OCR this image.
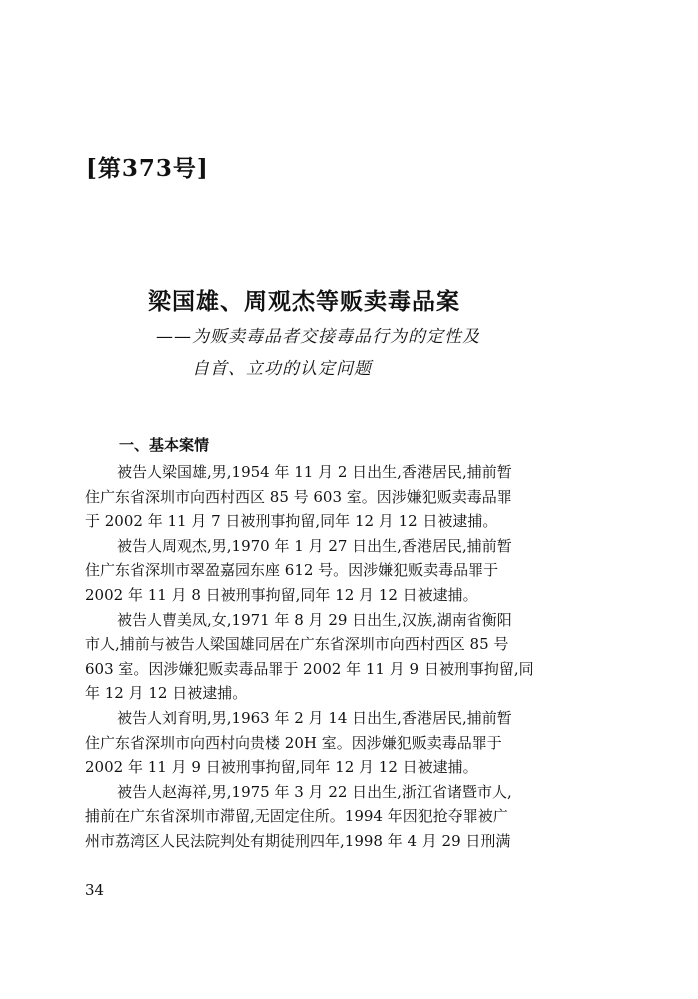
[第373号]
梁国雄、周观杰等贩卖毒品案
——为贩卖毒品者交接毒品行为的定性及
自首、立功的认定问题
一、基本案情
被告人梁国雄,男,1954 年 11 月 2 日出生,香港居民,捕前暂
住广东省深圳市向西村西区 85 号 603 室。因涉嫌犯贩卖毒品罪
于 2002 年 11 月 7 日被刑事拘留,同年 12 月 12 日被逮捕。
被告人周观杰,男,1970 年 1 月 27 日出生,香港居民,捕前暂
住广东省深圳市翠盈嘉园东座 612 号。因涉嫌犯贩卖毒品罪于
2002 年 11 月 8 日被刑事拘留,同年 12 月 12 日被逮捕。
被告人曹美凤,女,1971 年 8 月 29 日出生,汉族,湖南省衡阳
市人,捕前与被告人梁国雄同居在广东省深圳市向西村西区 85 号
603 室。因涉嫌犯贩卖毒品罪于 2002 年 11 月 9 日被刑事拘留,同
年 12 月 12 日被逮捕。
被告人刘育明,男,1963 年 2 月 14 日出生,香港居民,捕前暂
住广东省深圳市向西村向贵楼 20H 室。因涉嫌犯贩卖毒品罪于
2002 年 11 月 9 日被刑事拘留,同年 12 月 12 日被逮捕。
被告人赵海祥,男,1975 年 3 月 22 日出生,浙江省诸暨市人,
捕前在广东省深圳市滞留,无固定住所。1994 年因犯抢夺罪被广
州市荔湾区人民法院判处有期徒刑四年,1998 年 4 月 29 日刑满
34
